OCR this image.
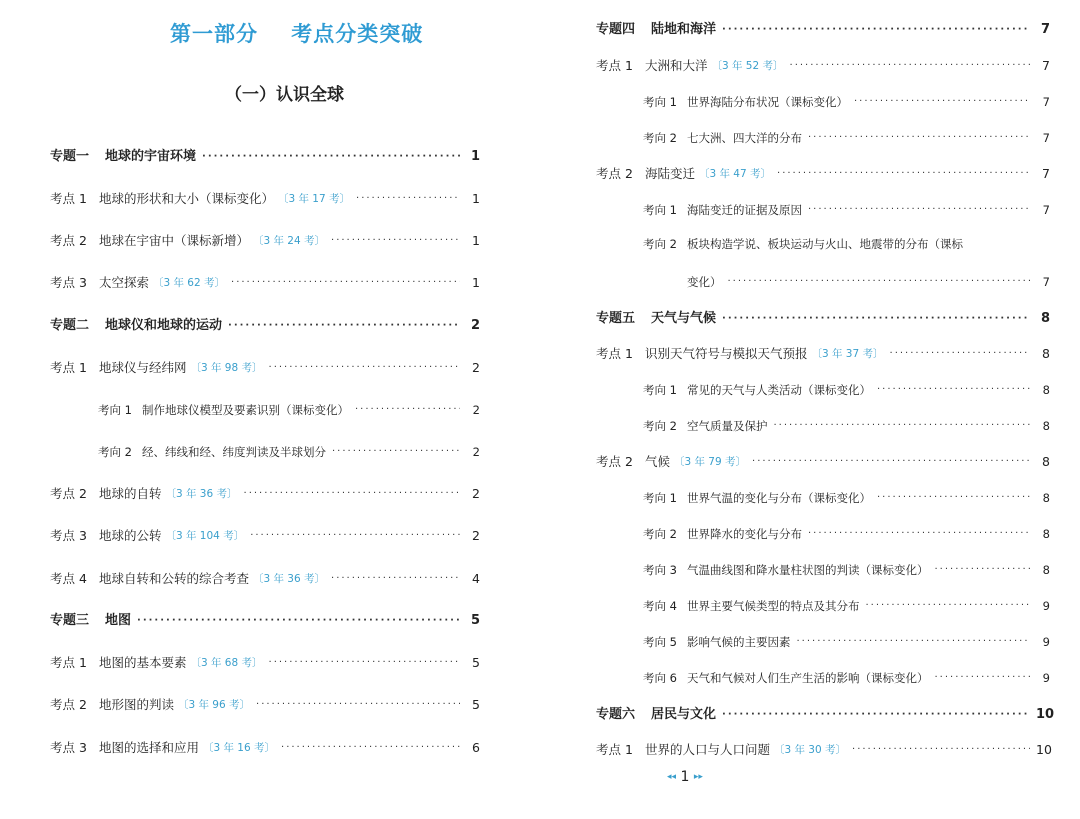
第一部分    考点分类突破
（一）认识全球
专题一 地球的宇宙环境 ·····	1
考点 1 地球的形状和大小（课标变化） 〔3 年 17 考〕 ·····	1
考点 2 地球在宇宙中（课标新增） 〔3 年 24 考〕 ·····	1
考点 3 太空探索 〔3 年 62 考〕 ·····	1
专题二 地球仪和地球的运动 ·····	2
考点 1 地球仪与经纬网 〔3 年 98 考〕 ·····	2
考向 1 制作地球仪模型及要素识别（课标变化） ·····	2
考向 2 经、纬线和经、纬度判读及半球划分 ·····	2
考点 2 地球的自转 〔3 年 36 考〕 ·····	2
考点 3 地球的公转 〔3 年 104 考〕 ·····	2
考点 4 地球自转和公转的综合考查 〔3 年 36 考〕 ·····	4
专题三 地图 ·····	5
考点 1 地图的基本要素 〔3 年 68 考〕 ·····	5
考点 2 地形图的判读 〔3 年 96 考〕 ·····	5
考点 3 地图的选择和应用 〔3 年 16 考〕 ·····	6
专题四 陆地和海洋 ·····	7
考点 1 大洲和大洋 〔3 年 52 考〕 ·····	7
考向 1 世界海陆分布状况（课标变化） ·····	7
考向 2 七大洲、四大洋的分布 ·····	7
考点 2 海陆变迁 〔3 年 47 考〕 ·····	7
考向 1 海陆变迁的证据及原因 ·····	7
考向 2 板块构造学说、板块运动与火山、地震带的分布（课标
变化） ·····	7
专题五 天气与气候 ·····	8
考点 1 识别天气符号与模拟天气预报 〔3 年 37 考〕 ·····	8
考向 1 常见的天气与人类活动（课标变化） ·····	8
考向 2 空气质量及保护 ·····	8
考点 2 气候 〔3 年 79 考〕 ·····	8
考向 1 世界气温的变化与分布（课标变化） ·····	8
考向 2 世界降水的变化与分布 ·····	8
考向 3 气温曲线图和降水量柱状图的判读（课标变化） ·····	8
考向 4 世界主要气候类型的特点及其分布 ·····	9
考向 5 影响气候的主要因素 ·····	9
考向 6 天气和气候对人们生产生活的影响（课标变化） ·····	9
专题六 居民与文化 ·····	10
考点 1 世界的人口与人口问题 〔3 年 30 考〕 ·····	10
◂◂ 1 ▸▸
